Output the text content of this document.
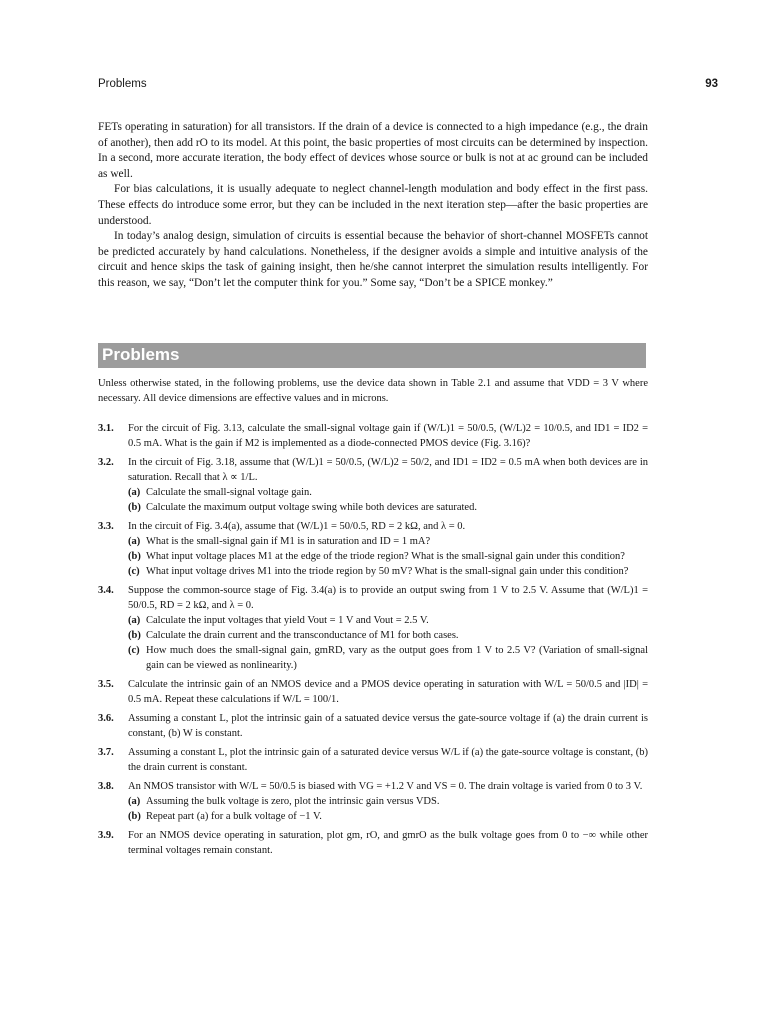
Problems	93

FETs operating in saturation) for all transistors. If the drain of a device is connected to a high impedance (e.g., the drain of another), then add rO to its model. At this point, the basic properties of most circuits can be determined by inspection. In a second, more accurate iteration, the body effect of devices whose source or bulk is not at ac ground can be included as well.

For bias calculations, it is usually adequate to neglect channel-length modulation and body effect in the first pass. These effects do introduce some error, but they can be included in the next iteration step—after the basic properties are understood.

In today’s analog design, simulation of circuits is essential because the behavior of short-channel MOSFETs cannot be predicted accurately by hand calculations. Nonetheless, if the designer avoids a simple and intuitive analysis of the circuit and hence skips the task of gaining insight, then he/she cannot interpret the simulation results intelligently. For this reason, we say, “Don’t let the computer think for you.” Some say, “Don’t be a SPICE monkey.”

Problems

Unless otherwise stated, in the following problems, use the device data shown in Table 2.1 and assume that VDD = 3 V where necessary. All device dimensions are effective values and in microns.

3.1. For the circuit of Fig. 3.13, calculate the small-signal voltage gain if (W/L)1 = 50/0.5, (W/L)2 = 10/0.5, and ID1 = ID2 = 0.5 mA. What is the gain if M2 is implemented as a diode-connected PMOS device (Fig. 3.16)?
3.2. In the circuit of Fig. 3.18, assume that (W/L)1 = 50/0.5, (W/L)2 = 50/2, and ID1 = ID2 = 0.5 mA when both devices are in saturation. Recall that λ ∝ 1/L.
(a) Calculate the small-signal voltage gain.
(b) Calculate the maximum output voltage swing while both devices are saturated.
3.3. In the circuit of Fig. 3.4(a), assume that (W/L)1 = 50/0.5, RD = 2 kΩ, and λ = 0.
(a) What is the small-signal gain if M1 is in saturation and ID = 1 mA?
(b) What input voltage places M1 at the edge of the triode region? What is the small-signal gain under this condition?
(c) What input voltage drives M1 into the triode region by 50 mV? What is the small-signal gain under this condition?
3.4. Suppose the common-source stage of Fig. 3.4(a) is to provide an output swing from 1 V to 2.5 V. Assume that (W/L)1 = 50/0.5, RD = 2 kΩ, and λ = 0.
(a) Calculate the input voltages that yield Vout = 1 V and Vout = 2.5 V.
(b) Calculate the drain current and the transconductance of M1 for both cases.
(c) How much does the small-signal gain, gmRD, vary as the output goes from 1 V to 2.5 V? (Variation of small-signal gain can be viewed as nonlinearity.)
3.5. Calculate the intrinsic gain of an NMOS device and a PMOS device operating in saturation with W/L = 50/0.5 and |ID| = 0.5 mA. Repeat these calculations if W/L = 100/1.
3.6. Assuming a constant L, plot the intrinsic gain of a satuated device versus the gate-source voltage if (a) the drain current is constant, (b) W is constant.
3.7. Assuming a constant L, plot the intrinsic gain of a saturated device versus W/L if (a) the gate-source voltage is constant, (b) the drain current is constant.
3.8. An NMOS transistor with W/L = 50/0.5 is biased with VG = +1.2 V and VS = 0. The drain voltage is varied from 0 to 3 V.
(a) Assuming the bulk voltage is zero, plot the intrinsic gain versus VDS.
(b) Repeat part (a) for a bulk voltage of −1 V.
3.9. For an NMOS device operating in saturation, plot gm, rO, and gmrO as the bulk voltage goes from 0 to −∞ while other terminal voltages remain constant.
